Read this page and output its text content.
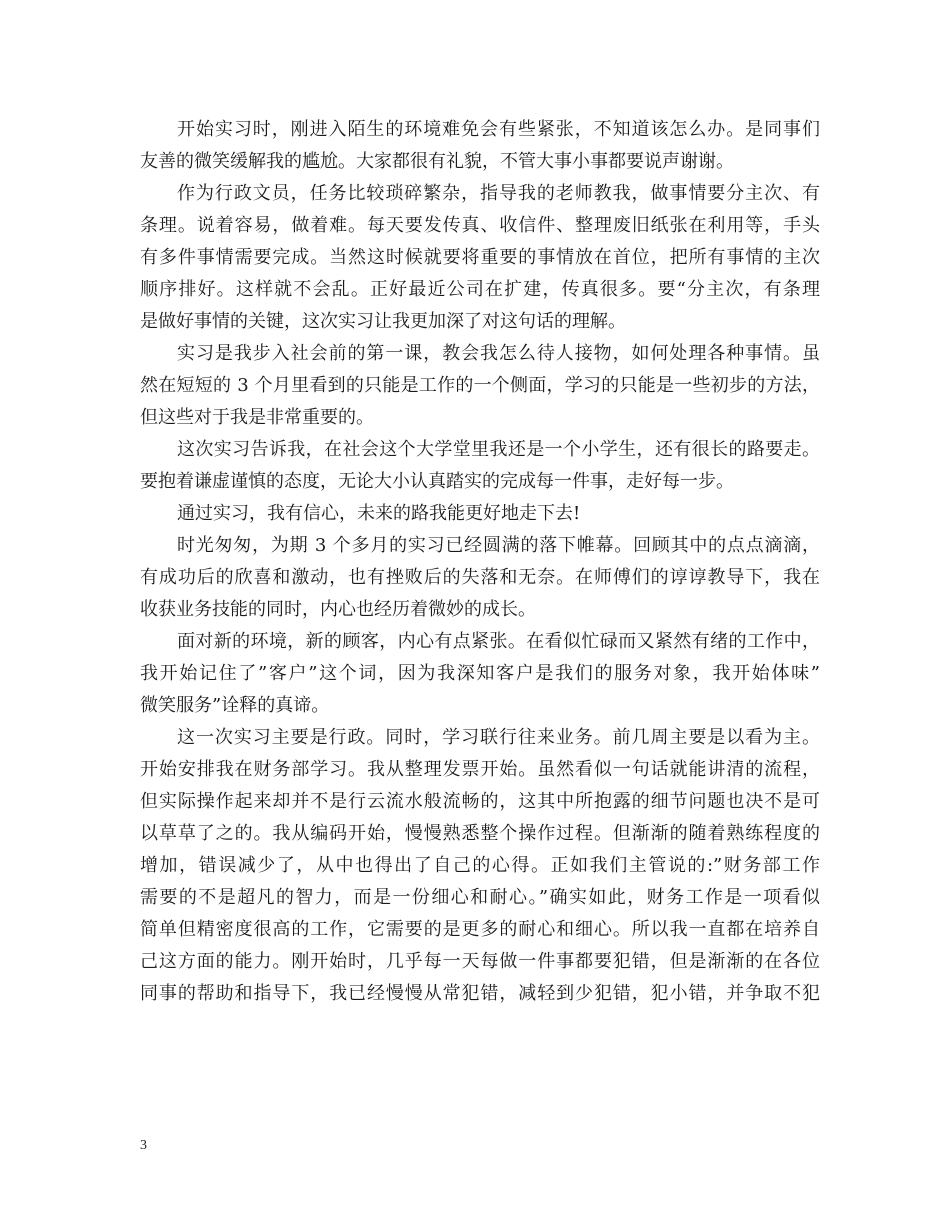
开始实习时，刚进入陌生的环境难免会有些紧张，不知道该怎么办。是同事们
友善的微笑缓解我的尴尬。大家都很有礼貌，不管大事小事都要说声谢谢。
作为行政文员，任务比较琐碎繁杂，指导我的老师教我，做事情要分主次、有
条理。说着容易，做着难。每天要发传真、收信件、整理废旧纸张在利用等，手头
有多件事情需要完成。当然这时候就要将重要的事情放在首位，把所有事情的主次
顺序排好。这样就不会乱。正好最近公司在扩建，传真很多。要“分主次，有条理
是做好事情的关键，这次实习让我更加深了对这句话的理解。
实习是我步入社会前的第一课，教会我怎么待人接物，如何处理各种事情。虽
然在短短的 3 个月里看到的只能是工作的一个侧面，学习的只能是一些初步的方法，
但这些对于我是非常重要的。
这次实习告诉我，在社会这个大学堂里我还是一个小学生，还有很长的路要走。
要抱着谦虚谨慎的态度，无论大小认真踏实的完成每一件事，走好每一步。
通过实习，我有信心，未来的路我能更好地走下去!
时光匆匆，为期 3 个多月的实习已经圆满的落下帷幕。回顾其中的点点滴滴，
有成功后的欣喜和激动，也有挫败后的失落和无奈。在师傅们的谆谆教导下，我在
收获业务技能的同时，内心也经历着微妙的成长。
面对新的环境，新的顾客，内心有点紧张。在看似忙碌而又紧然有绪的工作中，
我开始记住了”客户”这个词，因为我深知客户是我们的服务对象，我开始体味”
微笑服务”诠释的真谛。
这一次实习主要是行政。同时，学习联行往来业务。前几周主要是以看为主。
开始安排我在财务部学习。我从整理发票开始。虽然看似一句话就能讲清的流程，
但实际操作起来却并不是行云流水般流畅的，这其中所抱露的细节问题也决不是可
以草草了之的。我从编码开始，慢慢熟悉整个操作过程。但渐渐的随着熟练程度的
增加，错误减少了，从中也得出了自己的心得。正如我们主管说的:”财务部工作
需要的不是超凡的智力，而是一份细心和耐心。”确实如此，财务工作是一项看似
简单但精密度很高的工作，它需要的是更多的耐心和细心。所以我一直都在培养自
己这方面的能力。刚开始时，几乎每一天每做一件事都要犯错，但是渐渐的在各位
同事的帮助和指导下，我已经慢慢从常犯错，减轻到少犯错，犯小错，并争取不犯
3
